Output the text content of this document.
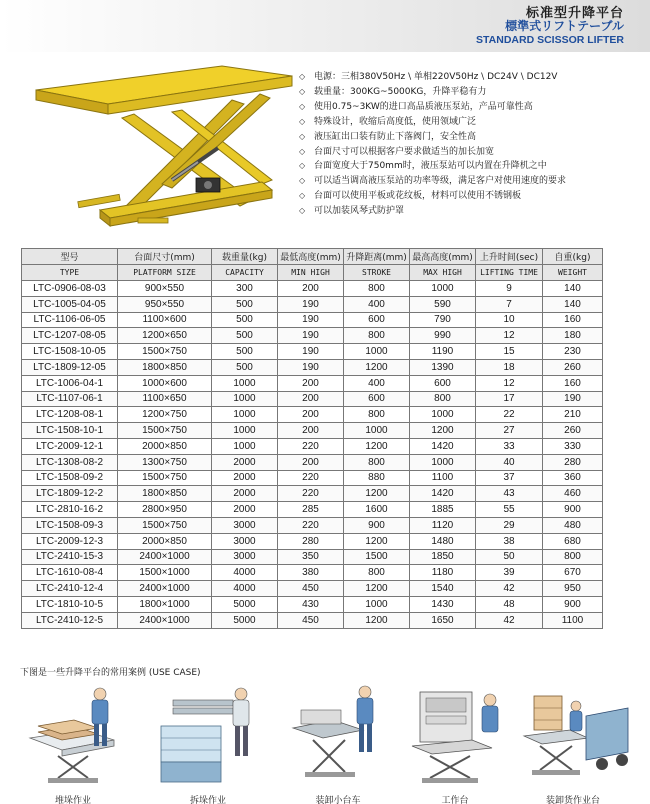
标准型升降平台
標準式リフトテーブル
STANDARD SCISSOR LIFTER
◇ 电源：三相380V50Hz \ 单相220V50Hz \ DC24V \ DC12V
◇ 载重量：300KG~5000KG，升降平稳有力
◇ 使用0.75~3KW的进口高品质液压泵站，产品可靠性高
◇ 特殊设计，收缩后高度低，使用领域广泛
◇ 液压缸出口装有防止下落阀门，安全性高
◇ 台面尺寸可以根据客户要求做适当的加长加宽
◇ 台面宽度大于750mm时，液压泵站可以内置在升降机之中
◇ 可以适当调高液压泵站的功率等级，满足客户对使用速度的要求
◇ 台面可以使用平板或花纹板，材料可以使用不锈钢板
◇ 可以加装风琴式防护罩
型号	台面尺寸(mm)	载重量(kg)	最低高度(mm)	升降距离(mm)	最高高度(mm)	上升时间(sec)	自重(kg)
TYPE	PLATFORM SIZE	CAPACITY	MIN HIGH	STROKE	MAX HIGH	LIFTING TIME	WEIGHT
LTC-0906-08-03	900×550	300	200	800	1000	9	140
LTC-1005-04-05	950×550	500	190	400	590	7	140
LTC-1106-06-05	1100×600	500	190	600	790	10	160
LTC-1207-08-05	1200×650	500	190	800	990	12	180
LTC-1508-10-05	1500×750	500	190	1000	1190	15	230
LTC-1809-12-05	1800×850	500	190	1200	1390	18	260
LTC-1006-04-1	1000×600	1000	200	400	600	12	160
LTC-1107-06-1	1100×650	1000	200	600	800	17	190
LTC-1208-08-1	1200×750	1000	200	800	1000	22	210
LTC-1508-10-1	1500×750	1000	200	1000	1200	27	260
LTC-2009-12-1	2000×850	1000	220	1200	1420	33	330
LTC-1308-08-2	1300×750	2000	200	800	1000	40	280
LTC-1508-09-2	1500×750	2000	220	880	1100	37	360
LTC-1809-12-2	1800×850	2000	220	1200	1420	43	460
LTC-2810-16-2	2800×950	2000	285	1600	1885	55	900
LTC-1508-09-3	1500×750	3000	220	900	1120	29	480
LTC-2009-12-3	2000×850	3000	280	1200	1480	38	680
LTC-2410-15-3	2400×1000	3000	350	1500	1850	50	800
LTC-1610-08-4	1500×1000	4000	380	800	1180	39	670
LTC-2410-12-4	2400×1000	4000	450	1200	1540	42	950
LTC-1810-10-5	1800×1000	5000	430	1000	1430	48	900
LTC-2410-12-5	2400×1000	5000	450	1200	1650	42	1100
下图是一些升降平台的常用案例 (USE CASE)
堆垛作业	拆垛作业	装卸小台车	工作台	装卸货作业台
